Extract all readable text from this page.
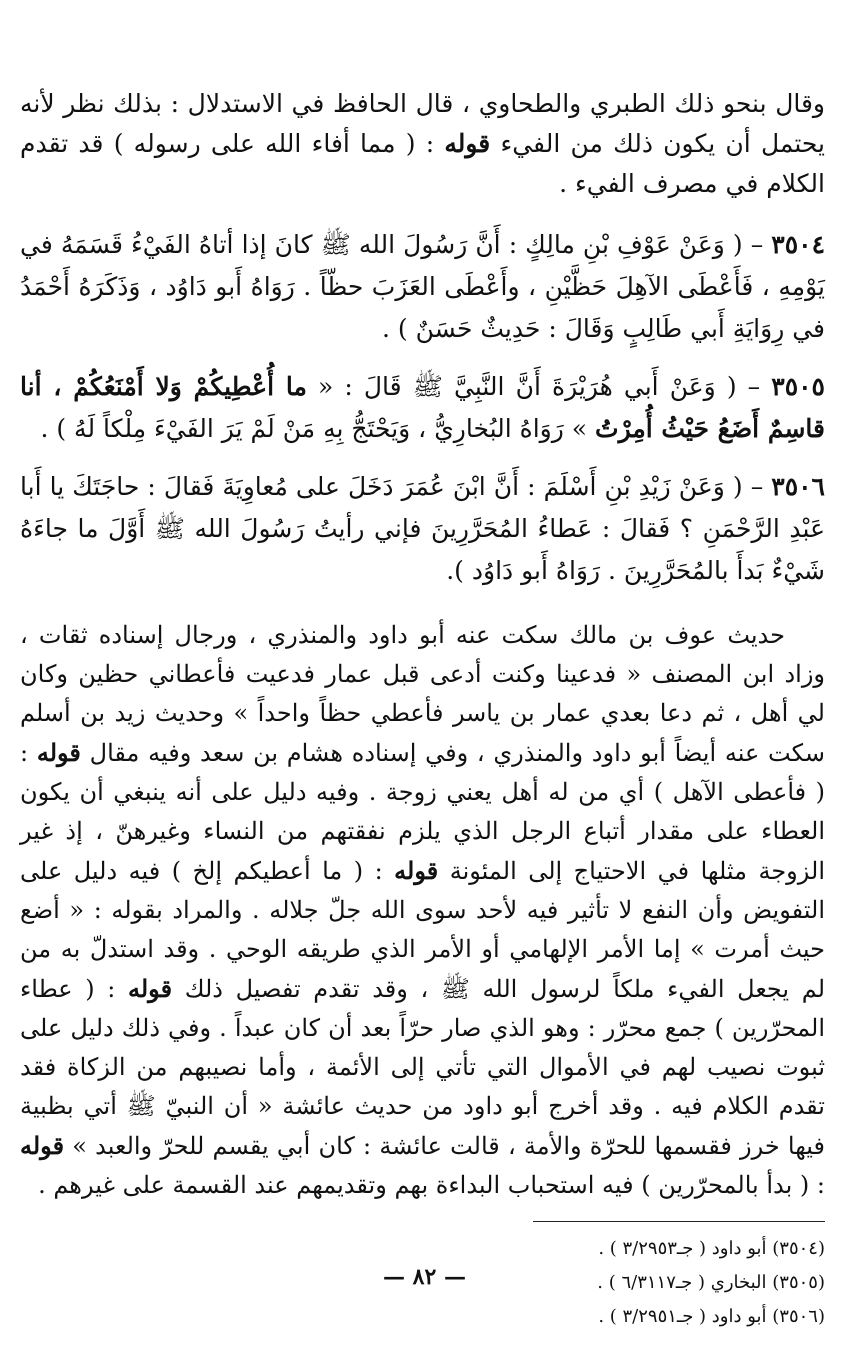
وقال بنحو ذلك الطبري والطحاوي ، قال الحافظ في الاستدلال : بذلك نظر لأنه يحتمل أن يكون ذلك من الفيء قوله : ( مما أفاء الله على رسوله ) قد تقدم الكلام في مصرف الفيء .

٣٥٠٤ – ( وَعَنْ عَوْفِ بْنِ مالِكٍ : أَنَّ رَسُولَ الله ﷺ كانَ إذا أتاهُ الفَيْءُ قَسَمَهُ في يَوْمِهِ ، فَأَعْطَى الآهِلَ حَظَّيْنِ ، وأَعْطَى العَزَبَ حظّاً . رَوَاهُ أَبو دَاوُد ، وَذَكَرَهُ أَحْمَدُ في رِوَايَةِ أَبي طَالِبٍ وَقَالَ : حَدِيثٌ حَسَنٌ ) .

٣٥٠٥ – ( وَعَنْ أَبي هُرَيْرَةَ أَنَّ النَّبِيَّ ﷺ قَالَ : « ما أُعْطِيكُمْ وَلا أَمْنَعُكُمْ ، أنا قاسِمٌ أَضَعُ حَيْثُ أُمِرْتُ » رَوَاهُ البُخارِيُّ ، وَيَحْتَجُّ بِهِ مَنْ لَمْ يَرَ الفَيْءَ مِلْكاً لَهُ ) .

٣٥٠٦ – ( وَعَنْ زَيْدِ بْنِ أَسْلَمَ : أَنَّ ابْنَ عُمَرَ دَخَلَ على مُعاوِيَةَ فَقالَ : حاجَتَكَ يا أَبا عَبْدِ الرَّحْمَنِ ؟ فَقالَ : عَطاءُ المُحَرَّرِينَ فإني رأيتُ رَسُولَ الله ﷺ أَوَّلَ ما جاءَهُ شَيْءٌ بَدأَ بالمُحَرَّرِينَ . رَوَاهُ أَبو دَاوُد ).

حديث عوف بن مالك سكت عنه أبو داود والمنذري ، ورجال إسناده ثقات ، وزاد ابن المصنف « فدعينا وكنت أدعى قبل عمار فدعيت فأعطاني حظين وكان لي أهل ، ثم دعا بعدي عمار بن ياسر فأعطي حظاً واحداً » وحديث زيد بن أسلم سكت عنه أيضاً أبو داود والمنذري ، وفي إسناده هشام بن سعد وفيه مقال قوله : ( فأعطى الآهل ) أي من له أهل يعني زوجة . وفيه دليل على أنه ينبغي أن يكون العطاء على مقدار أتباع الرجل الذي يلزم نفقتهم من النساء وغيرهنّ ، إذ غير الزوجة مثلها في الاحتياج إلى المئونة قوله : ( ما أعطيكم إلخ ) فيه دليل على التفويض وأن النفع لا تأثير فيه لأحد سوى الله جلّ جلاله . والمراد بقوله : « أضع حيث أمرت » إما الأمر الإلهامي أو الأمر الذي طريقه الوحي . وقد استدلّ به من لم يجعل الفيء ملكاً لرسول الله ﷺ ، وقد تقدم تفصيل ذلك قوله : ( عطاء المحرّرين ) جمع محرّر : وهو الذي صار حرّاً بعد أن كان عبداً . وفي ذلك دليل على ثبوت نصيب لهم في الأموال التي تأتي إلى الأئمة ، وأما نصيبهم من الزكاة فقد تقدم الكلام فيه . وقد أخرج أبو داود من حديث عائشة « أن النبيّ ﷺ أتي بظبية فيها خرز فقسمها للحرّة والأمة ، قالت عائشة : كان أبي يقسم للحرّ والعبد » قوله : ( بدأ بالمحرّرين ) فيه استحباب البداءة بهم وتقديمهم عند القسمة على غيرهم .

(٣٥٠٤) أبو داود ( جـ٣/٢٩٥٣ ) .

(٣٥٠٥) البخاري ( جـ٦/٣١١٧ ) .

(٣٥٠٦) أبو داود ( جـ٣/٢٩٥١ ) .

— ٨٢ —
